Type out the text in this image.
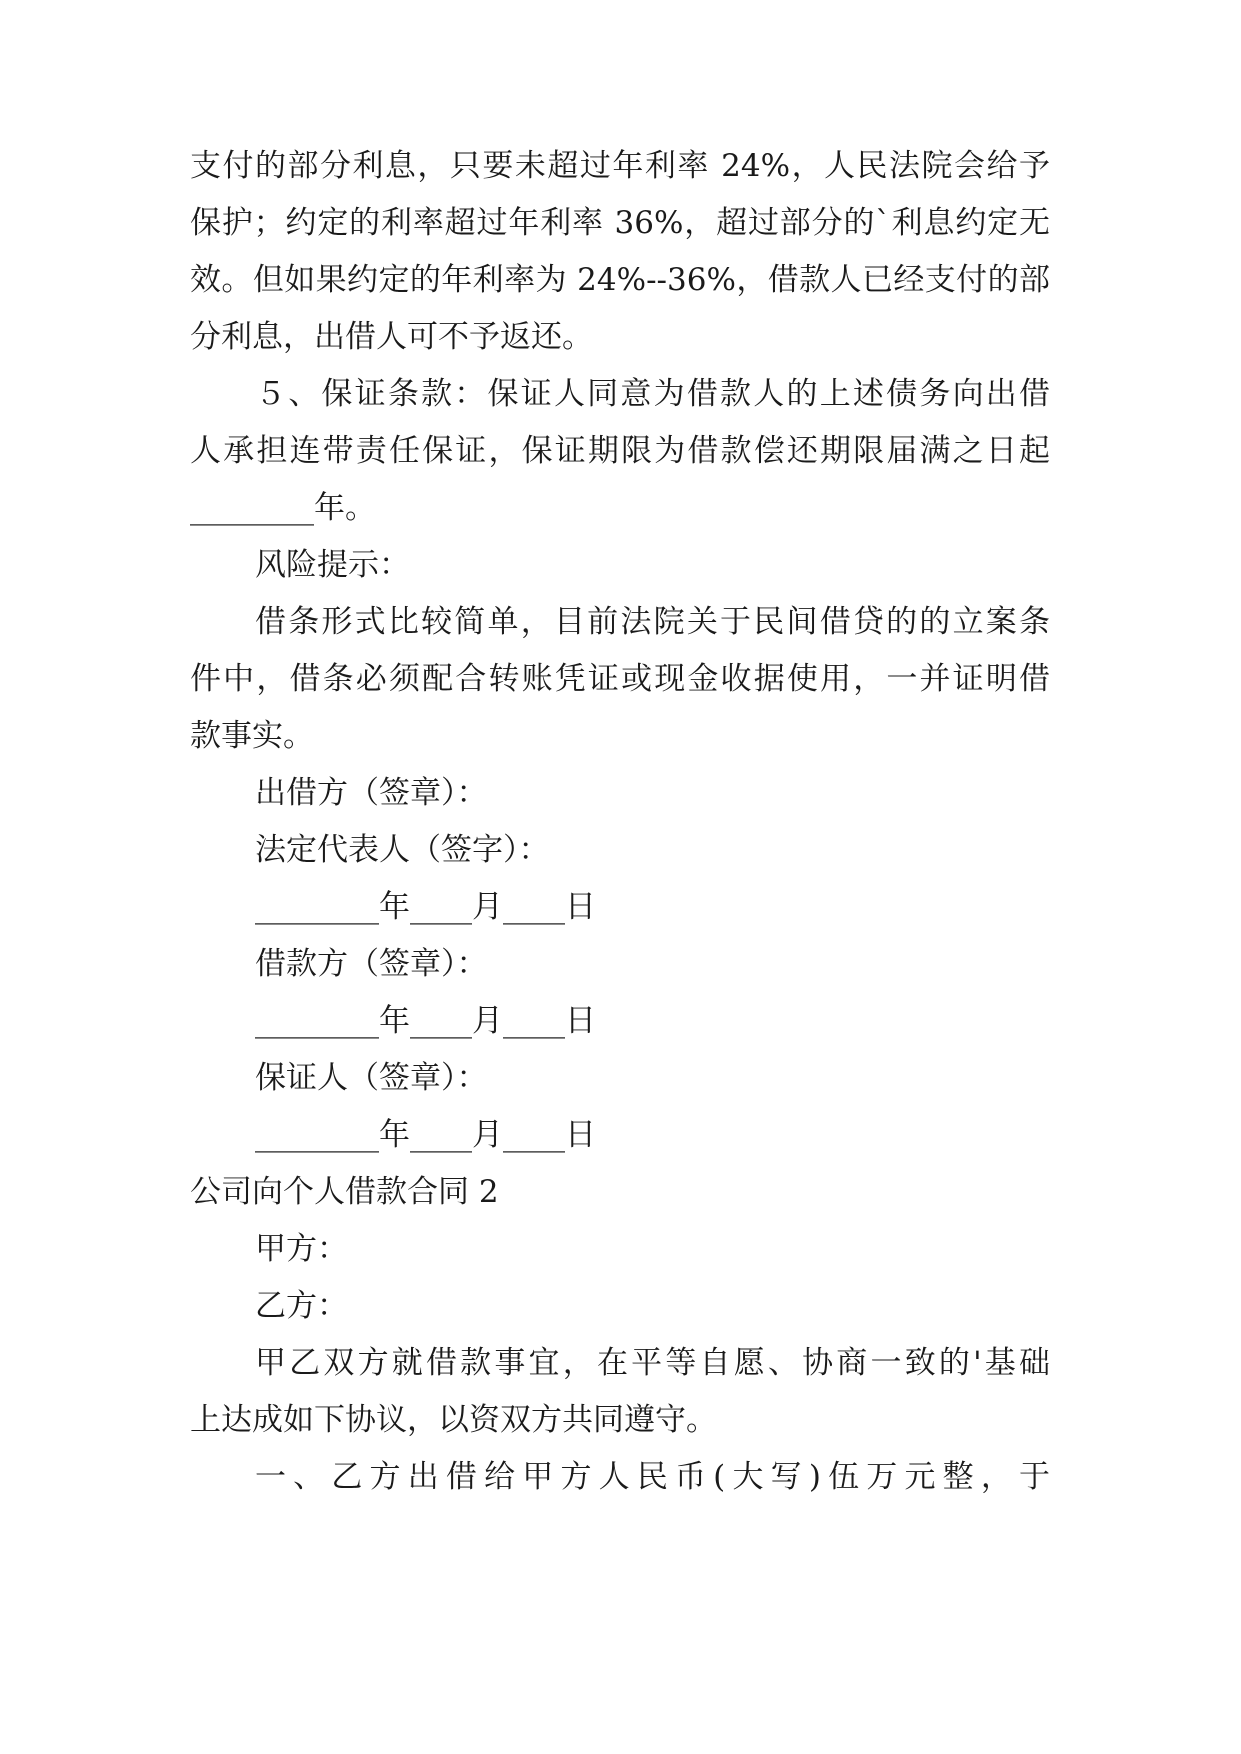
支付的部分利息，只要未超过年利率 24%，人民法院会给予
保护；约定的利率超过年利率 36%，超过部分的`利息约定无
效。但如果约定的年利率为 24%--36%，借款人已经支付的部
分利息，出借人可不予返还。
５、保证条款：保证人同意为借款人的上述债务向出借
人承担连带责任保证，保证期限为借款偿还期限届满之日起
________年。
风险提示：
借条形式比较简单，目前法院关于民间借贷的的立案条
件中，借条必须配合转账凭证或现金收据使用，一并证明借
款事实。
出借方（签章）：
法定代表人（签字）：
________年____月____日
借款方（签章）：
________年____月____日
保证人（签章）：
________年____月____日
公司向个人借款合同 2
甲方：
乙方：
甲乙双方就借款事宜，在平等自愿、协商一致的'基础
上达成如下协议，以资双方共同遵守。
一、乙方出借给甲方人民币(大写)伍万元整，于
